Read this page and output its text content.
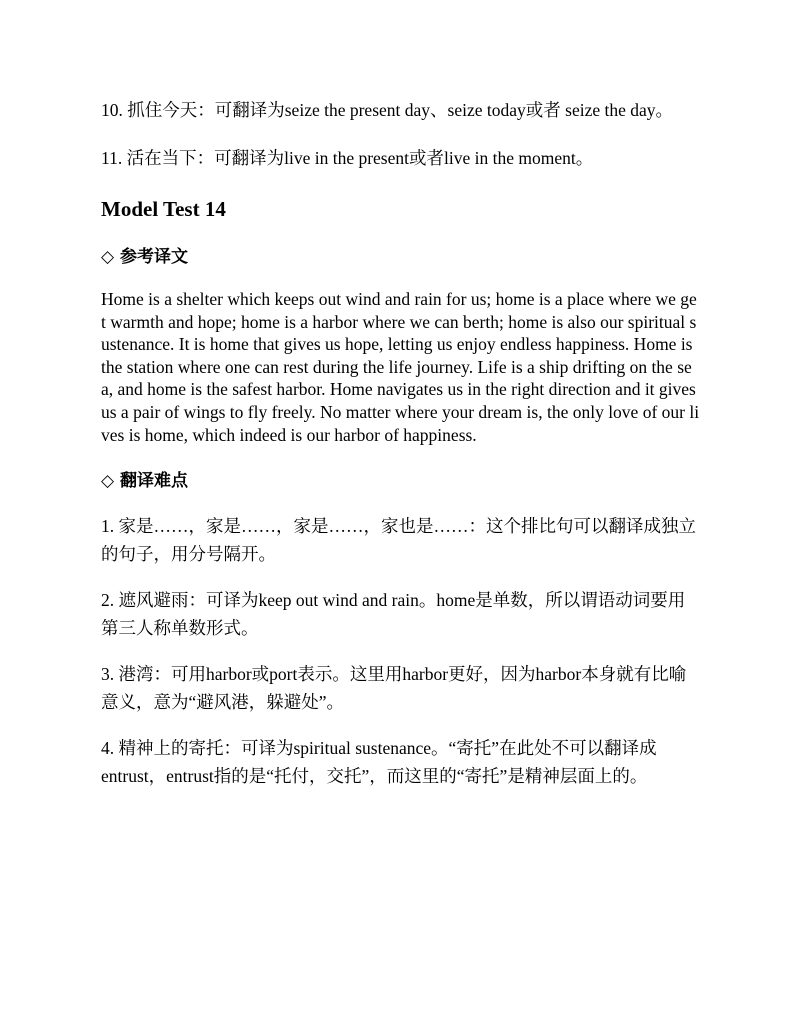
10. 抓住今天：可翻译为seize the present day、seize today或者 seize the day。

11. 活在当下：可翻译为live in the present或者live in the moment。

Model Test 14
◇ 参考译文

Home is a shelter which keeps out wind and rain for us; home is a place where we get warmth and hope; home is a harbor where we can berth; home is also our spiritual sustenance. It is home that gives us hope, letting us enjoy endless happiness. Home is the station where one can rest during the life journey. Life is a ship drifting on the sea, and home is the safest harbor. Home navigates us in the right direction and it gives us a pair of wings to fly freely. No matter where your dream is, the only love of our lives is home, which indeed is our harbor of happiness.

◇ 翻译难点

1. 家是……，家是……，家是……，家也是……：这个排比句可以翻译成独立的句子，用分号隔开。

2. 遮风避雨：可译为keep out wind and rain。home是单数，所以谓语动词要用第三人称单数形式。

3. 港湾：可用harbor或port表示。这里用harbor更好，因为harbor本身就有比喻意义，意为“避风港，躲避处”。

4. 精神上的寄托：可译为spiritual sustenance。“寄托”在此处不可以翻译成entrust，entrust指的是“托付，交托”，而这里的“寄托”是精神层面上的。
